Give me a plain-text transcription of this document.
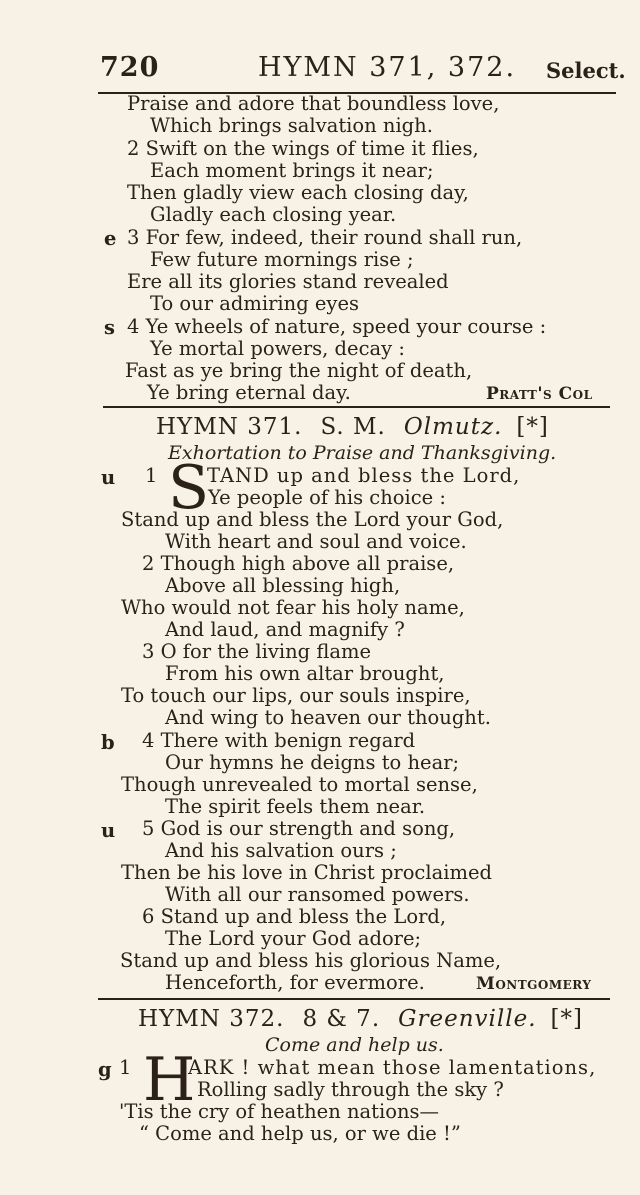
720	HYMN 371, 372. Select.
Praise and adore that boundless love,
Which brings salvation nigh.
2 Swift on the wings of time it flies,
Each moment brings it near;
Then gladly view each closing day,
Gladly each closing year.
e 3 For few, indeed, their round shall run,
Few future mornings rise ;
Ere all its glories stand revealed
To our admiring eyes
s 4 Ye wheels of nature, speed your course :
Ye mortal powers, decay :
Fast as ye bring the night of death,
Ye bring eternal day.	Pratt's Col
HYMN 371. S. M. Olmutz. [*]
Exhortation to Praise and Thanksgiving.
u 1 S
TAND up and bless the Lord,
Ye people of his choice :
Stand up and bless the Lord your God,
With heart and soul and voice.
2 Though high above all praise,
Above all blessing high,
Who would not fear his holy name,
And laud, and magnify ?
3 O for the living flame
From his own altar brought,
To touch our lips, our souls inspire,
And wing to heaven our thought.
b 4 There with benign regard
Our hymns he deigns to hear;
Though unrevealed to mortal sense,
The spirit feels them near.
u 5 God is our strength and song,
And his salvation ours ;
Then be his love in Christ proclaimed
With all our ransomed powers.
6 Stand up and bless the Lord,
The Lord your God adore;
Stand up and bless his glorious Name,
Henceforth, for evermore.	Montgomery
HYMN 372. 8 & 7. Greenville. [*]
Come and help us.
g 1 H
ARK ! what mean those lamentations,
Rolling sadly through the sky ?
'Tis the cry of heathen nations—
“ Come and help us, or we die !”
